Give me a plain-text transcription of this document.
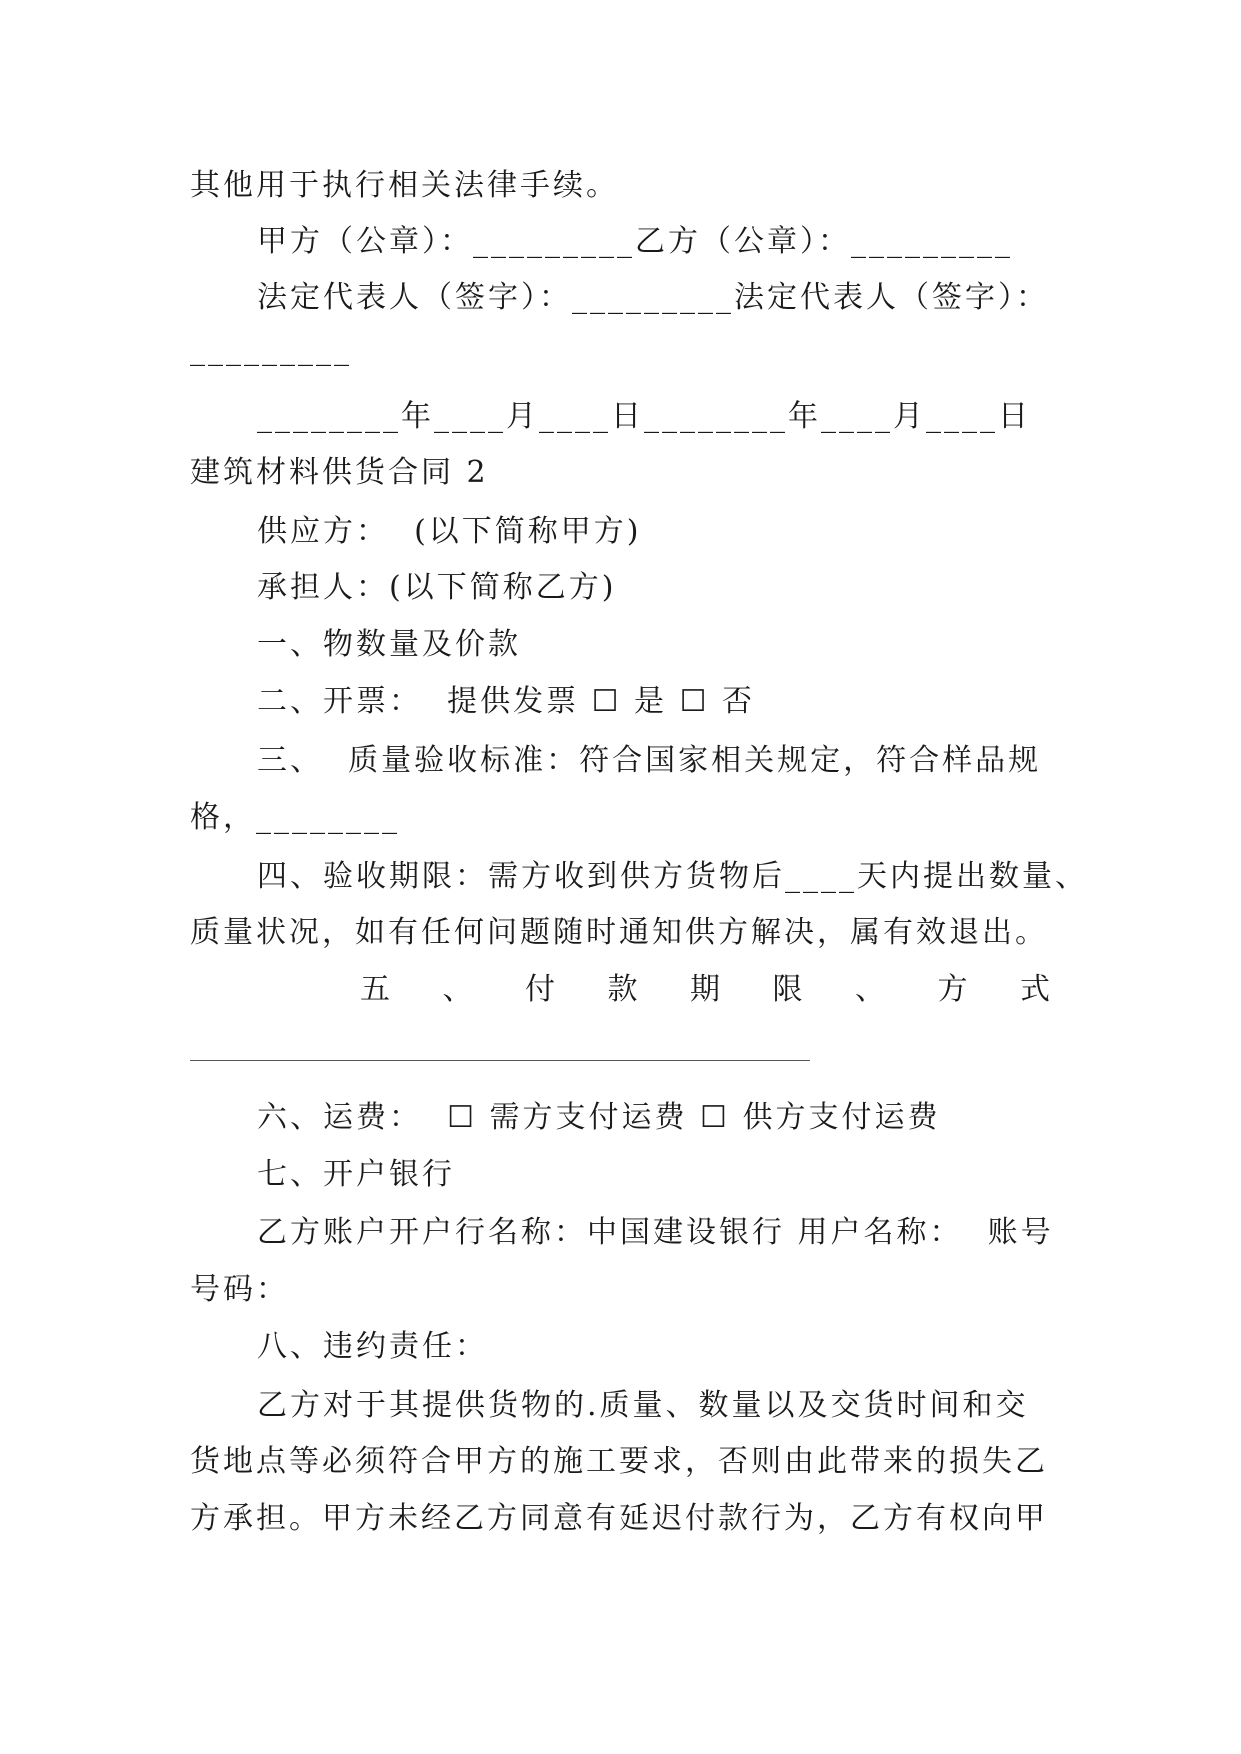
其他用于执行相关法律手续。
甲方（公章）：_________乙方（公章）：_________
法定代表人（签字）：_________法定代表人（签字）：
_________
________年____月____日________年____月____日
建筑材料供货合同 2
供应方：  (以下简称甲方)
承担人：(以下简称乙方)
一、物数量及价款
二、开票：  提供发票 ☐ 是 ☐ 否
三、  质量验收标准：符合国家相关规定，符合样品规
格，________
四、验收期限：需方收到供方货物后____天内提出数量、
质量状况，如有任何问题随时通知供方解决，属有效退出。
五 、 付 款 期 限 、 方 式
六、运费：  ☐ 需方支付运费 ☐ 供方支付运费
七、开户银行
乙方账户开户行名称：中国建设银行 用户名称：  账号
号码：
八、违约责任：
乙方对于其提供货物的.质量、数量以及交货时间和交
货地点等必须符合甲方的施工要求，否则由此带来的损失乙
方承担。甲方未经乙方同意有延迟付款行为，乙方有权向甲
